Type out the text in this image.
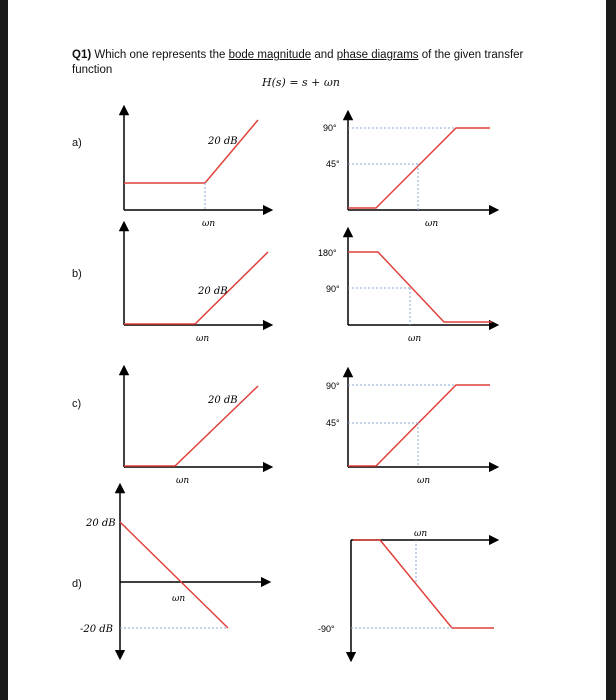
Q1) Which one represents the bode magnitude and phase diagrams of the given transfer function
H(s) = s + ωn
a)
b)
c)
d)
20 dB
ωn
90°
45°
ωn
20 dB
ωn
180°
90°
ωn
20 dB
ωn
90°
45°
ωn
20 dB
-20 dB
ωn
-90°
ωn
